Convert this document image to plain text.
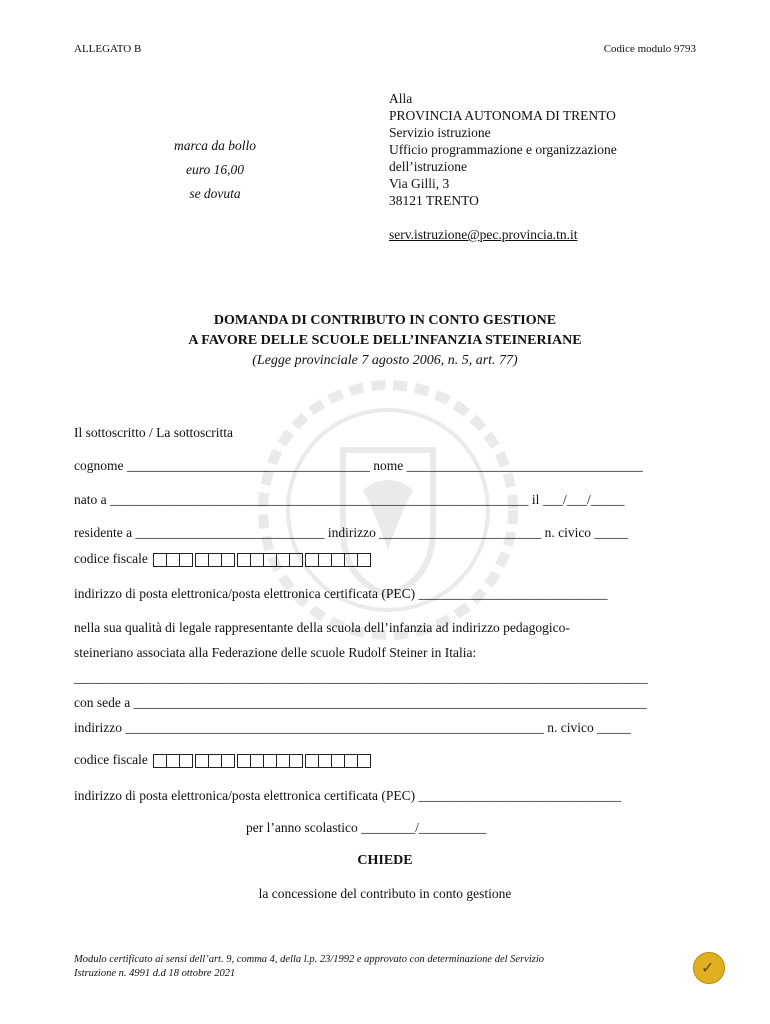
ALLEGATO B	Codice modulo 9793
marca da bollo
euro 16,00
se dovuta
Alla
PROVINCIA AUTONOMA DI TRENTO
Servizio istruzione
Ufficio programmazione e organizzazione
dell’istruzione
Via Gilli, 3
38121 TRENTO
serv.istruzione@pec.provincia.tn.it
DOMANDA DI CONTRIBUTO IN CONTO GESTIONE
A FAVORE DELLE SCUOLE DELL’INFANZIA STEINERIANE
(Legge provinciale 7 agosto 2006, n. 5, art. 77)
Il sottoscritto / La sottoscritta
cognome ____________________________________ nome ___________________________________
nato a ______________________________________________________________ il ___/___/_____
residente a ____________________________ indirizzo ________________________ n. civico _____
codice fiscale
indirizzo di posta elettronica/posta elettronica certificata (PEC) ____________________________
nella sua qualità di legale rappresentante della scuola dell’infanzia ad indirizzo pedagogico-
steineriano associata alla Federazione delle scuole Rudolf Steiner in Italia:
_____________________________________________________________________________________
con sede a ____________________________________________________________________________
indirizzo ______________________________________________________________ n. civico _____
codice fiscale
indirizzo di posta elettronica/posta elettronica certificata (PEC) ______________________________
per l’anno scolastico ________/__________
CHIEDE
la concessione del contributo in conto gestione
Modulo certificato ai sensi dell’art. 9, comma 4, della l.p. 23/1992 e approvato con determinazione del Servizio
Istruzione n. 4991 d.d 18 ottobre 2021	✓
